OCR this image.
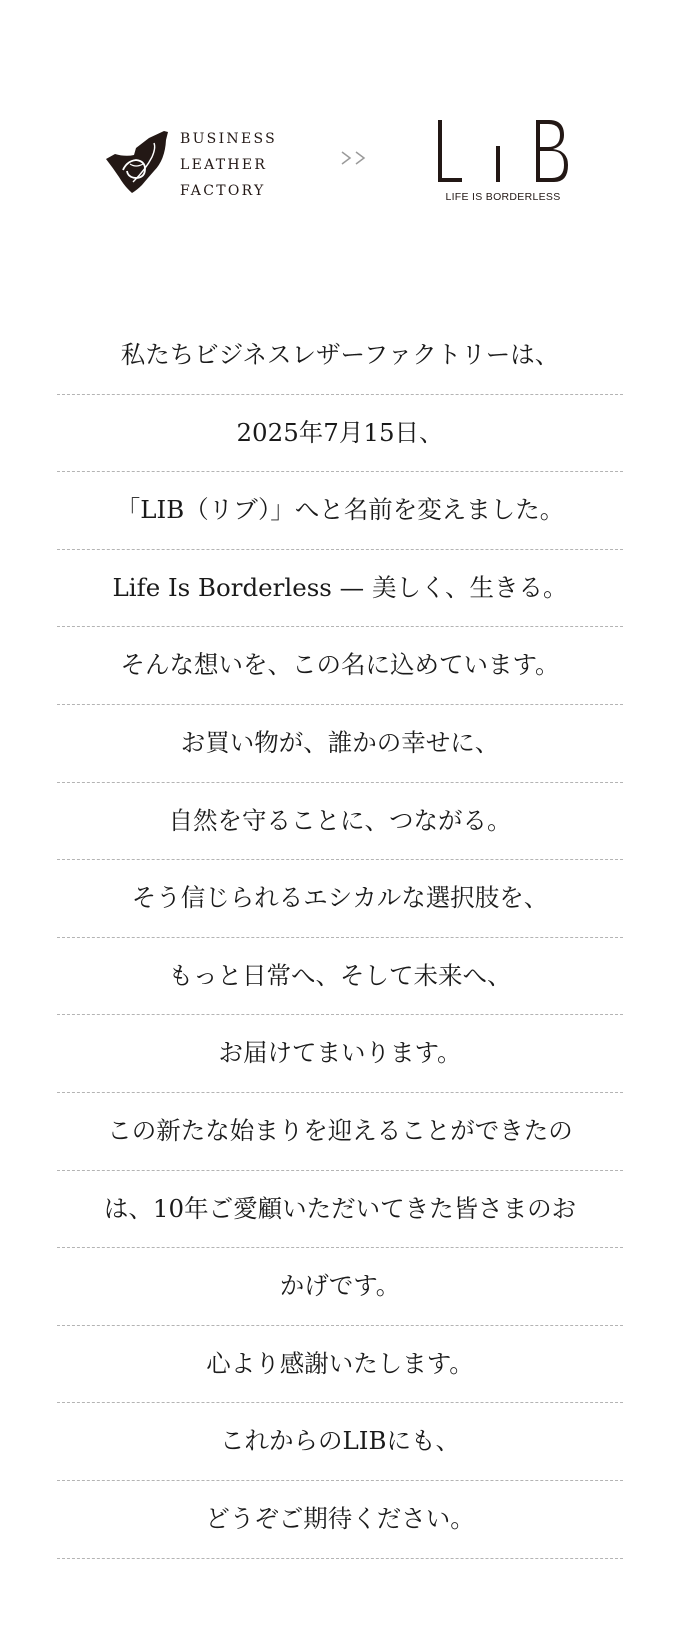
BUSINESS
LEATHER
FACTORY	LIFE IS BORDERLESS
私たちビジネスレザーファクトリーは、
2025年7月15日、
「LIB（リブ）」へと名前を変えました。
Life Is Borderless — 美しく、生きる。
そんな想いを、この名に込めています。
お買い物が、誰かの幸せに、
自然を守ることに、つながる。
そう信じられるエシカルな選択肢を、
もっと日常へ、そして未来へ、
お届けてまいります。
この新たな始まりを迎えることができたの
は、10年ご愛顧いただいてきた皆さまのお
かげです。
心より感謝いたします。
これからのLIBにも、
どうぞご期待ください。
